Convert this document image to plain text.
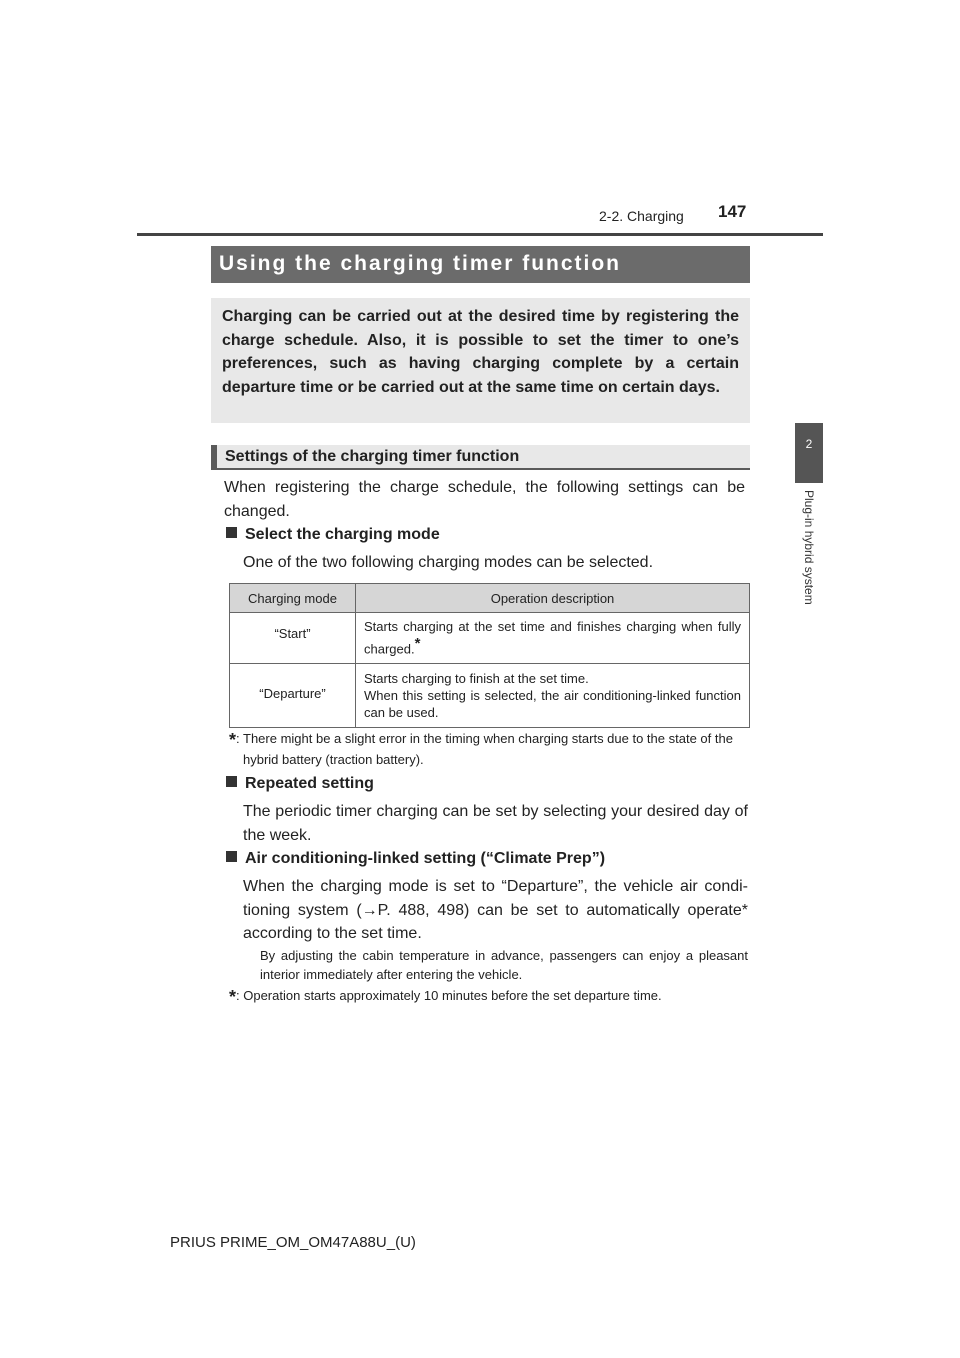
2-2. Charging 147
2
Plug-in hybrid system
Using the charging timer function
Charging can be carried out at the desired time by registering the charge schedule. Also, it is possible to set the timer to one’s preferences, such as having charging complete by a certain departure time or be carried out at the same time on certain days.
Settings of the charging timer function
When registering the charge schedule, the following settings can be changed.
Select the charging mode
One of the two following charging modes can be selected.
Charging mode	Operation description
“Start”	Starts charging at the set time and finishes charging when fully charged.*
“Departure”	Starts charging to finish at the set time.
When this setting is selected, the air conditioning-linked function can be used.
*: There might be a slight error in the timing when charging starts due to the state of the hybrid battery (traction battery).
Repeated setting
The periodic timer charging can be set by selecting your desired day of the week.
Air conditioning-linked setting (“Climate Prep”)
When the charging mode is set to “Departure”, the vehicle air condi-tioning system (→P. 488, 498) can be set to automatically operate* according to the set time.
By adjusting the cabin temperature in advance, passengers can enjoy a pleasant interior immediately after entering the vehicle.
*: Operation starts approximately 10 minutes before the set departure time.
PRIUS PRIME_OM_OM47A88U_(U)
